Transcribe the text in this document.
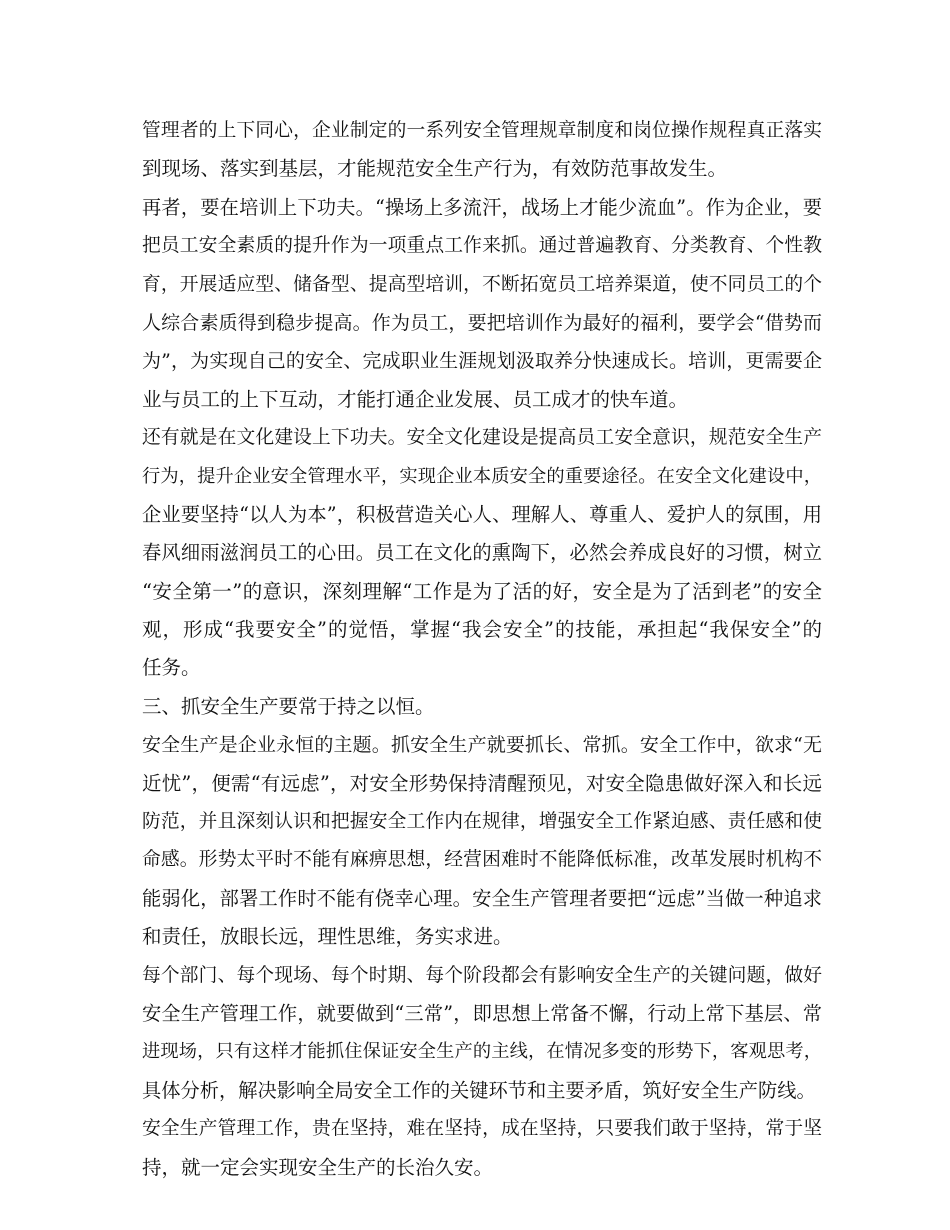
管理者的上下同心，企业制定的一系列安全管理规章制度和岗位操作规程真正落实
到现场、落实到基层，才能规范安全生产行为，有效防范事故发生。
再者，要在培训上下功夫。“操场上多流汗，战场上才能少流血”。作为企业，要
把员工安全素质的提升作为一项重点工作来抓。通过普遍教育、分类教育、个性教
育，开展适应型、储备型、提高型培训，不断拓宽员工培养渠道，使不同员工的个
人综合素质得到稳步提高。作为员工，要把培训作为最好的福利，要学会“借势而
为”，为实现自己的安全、完成职业生涯规划汲取养分快速成长。培训，更需要企
业与员工的上下互动，才能打通企业发展、员工成才的快车道。
还有就是在文化建设上下功夫。安全文化建设是提高员工安全意识，规范安全生产
行为，提升企业安全管理水平，实现企业本质安全的重要途径。在安全文化建设中，
企业要坚持“以人为本”，积极营造关心人、理解人、尊重人、爱护人的氛围，用
春风细雨滋润员工的心田。员工在文化的熏陶下，必然会养成良好的习惯，树立
“安全第一”的意识，深刻理解“工作是为了活的好，安全是为了活到老”的安全
观，形成“我要安全”的觉悟，掌握“我会安全”的技能，承担起“我保安全”的
任务。
三、抓安全生产要常于持之以恒。
安全生产是企业永恒的主题。抓安全生产就要抓长、常抓。安全工作中，欲求“无
近忧”，便需“有远虑”，对安全形势保持清醒预见，对安全隐患做好深入和长远
防范，并且深刻认识和把握安全工作内在规律，增强安全工作紧迫感、责任感和使
命感。形势太平时不能有麻痹思想，经营困难时不能降低标准，改革发展时机构不
能弱化，部署工作时不能有侥幸心理。安全生产管理者要把“远虑”当做一种追求
和责任，放眼长远，理性思维，务实求进。
每个部门、每个现场、每个时期、每个阶段都会有影响安全生产的关键问题，做好
安全生产管理工作，就要做到“三常”，即思想上常备不懈，行动上常下基层、常
进现场，只有这样才能抓住保证安全生产的主线，在情况多变的形势下，客观思考，
具体分析，解决影响全局安全工作的关键环节和主要矛盾，筑好安全生产防线。
安全生产管理工作，贵在坚持，难在坚持，成在坚持，只要我们敢于坚持，常于坚
持，就一定会实现安全生产的长治久安。
